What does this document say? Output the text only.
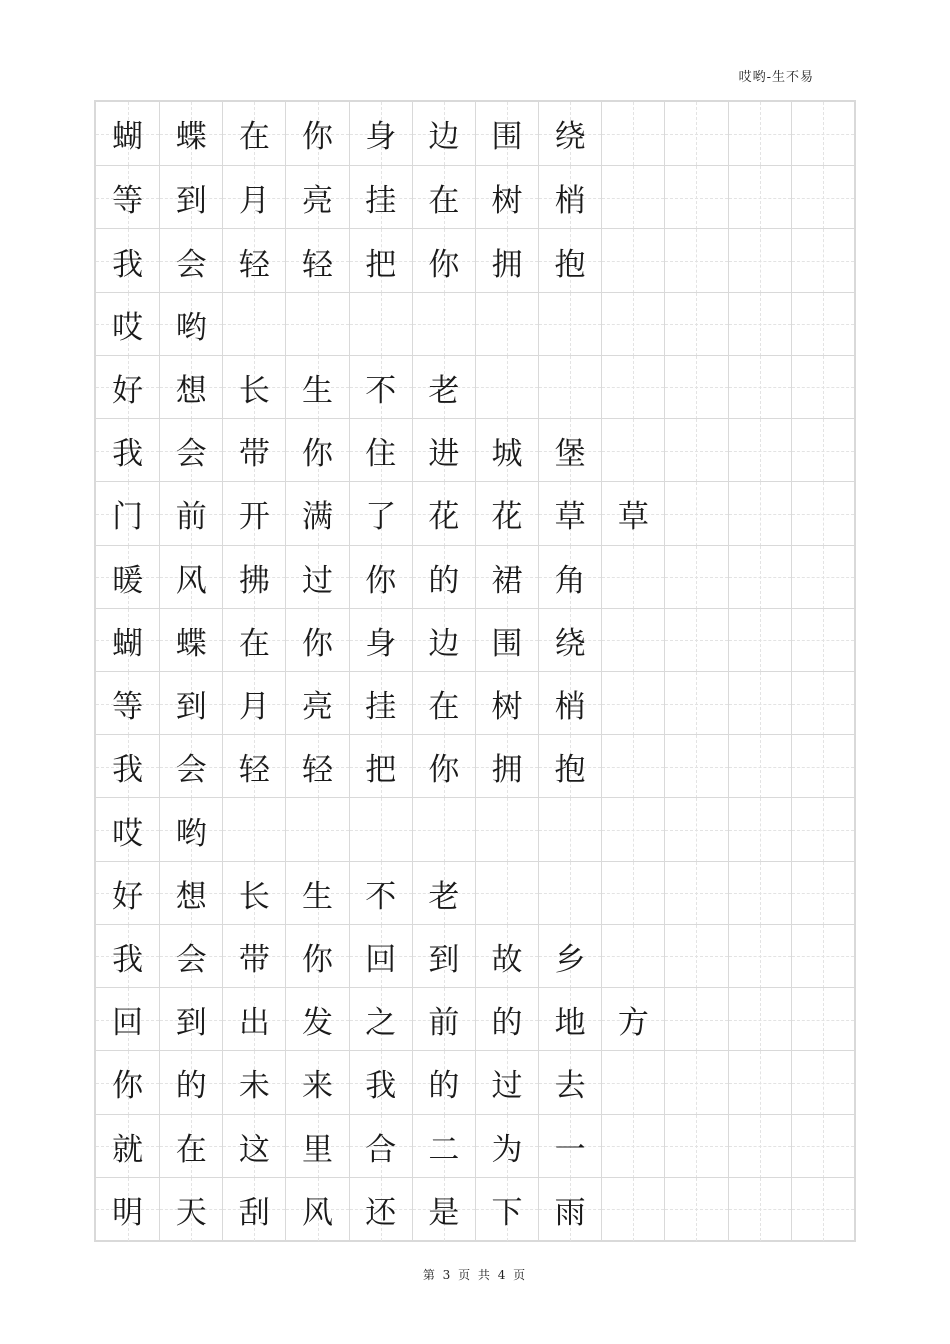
哎哟-生不易
蝴 蝶 在 你 身 边 围 绕
等 到 月 亮 挂 在 树 梢
我 会 轻 轻 把 你 拥 抱
哎 哟
好 想 长 生 不 老
我 会 带 你 住 进 城 堡
门 前 开 满 了 花 花 草 草
暖 风 拂 过 你 的 裙 角
蝴 蝶 在 你 身 边 围 绕
等 到 月 亮 挂 在 树 梢
我 会 轻 轻 把 你 拥 抱
哎 哟
好 想 长 生 不 老
我 会 带 你 回 到 故 乡
回 到 出 发 之 前 的 地 方
你 的 未 来 我 的 过 去
就 在 这 里 合 二 为 一
明 天 刮 风 还 是 下 雨
第 3 页 共 4 页
